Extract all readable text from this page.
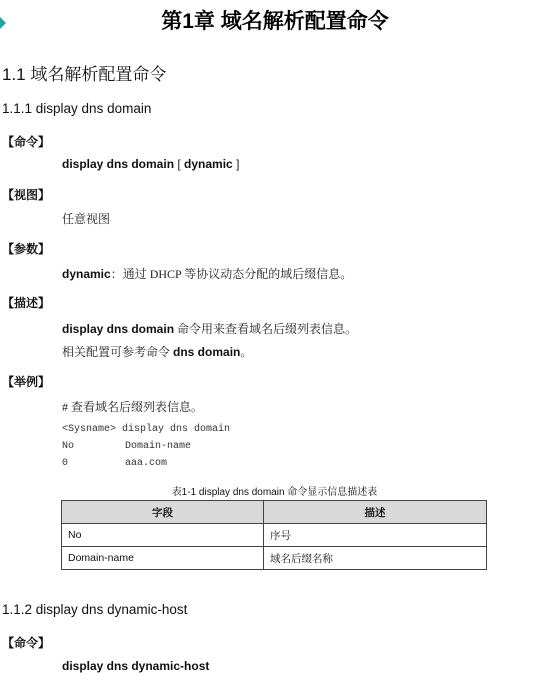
第1章 域名解析配置命令
1.1 域名解析配置命令
1.1.1 display dns domain
【命令】
display dns domain [ dynamic ]
【视图】
任意视图
【参数】
dynamic：通过 DHCP 等协议动态分配的域后缀信息。
【描述】
display dns domain 命令用来查看域名后缀列表信息。
相关配置可参考命令 dns domain。
【举例】
# 查看域名后缀列表信息。
<Sysname> display dns domain
No	Domain-name
0	aaa.com
表1-1 display dns domain 命令显示信息描述表
字段	描述
No	序号
Domain-name	域名后缀名称
1.1.2 display dns dynamic-host
【命令】
display dns dynamic-host
